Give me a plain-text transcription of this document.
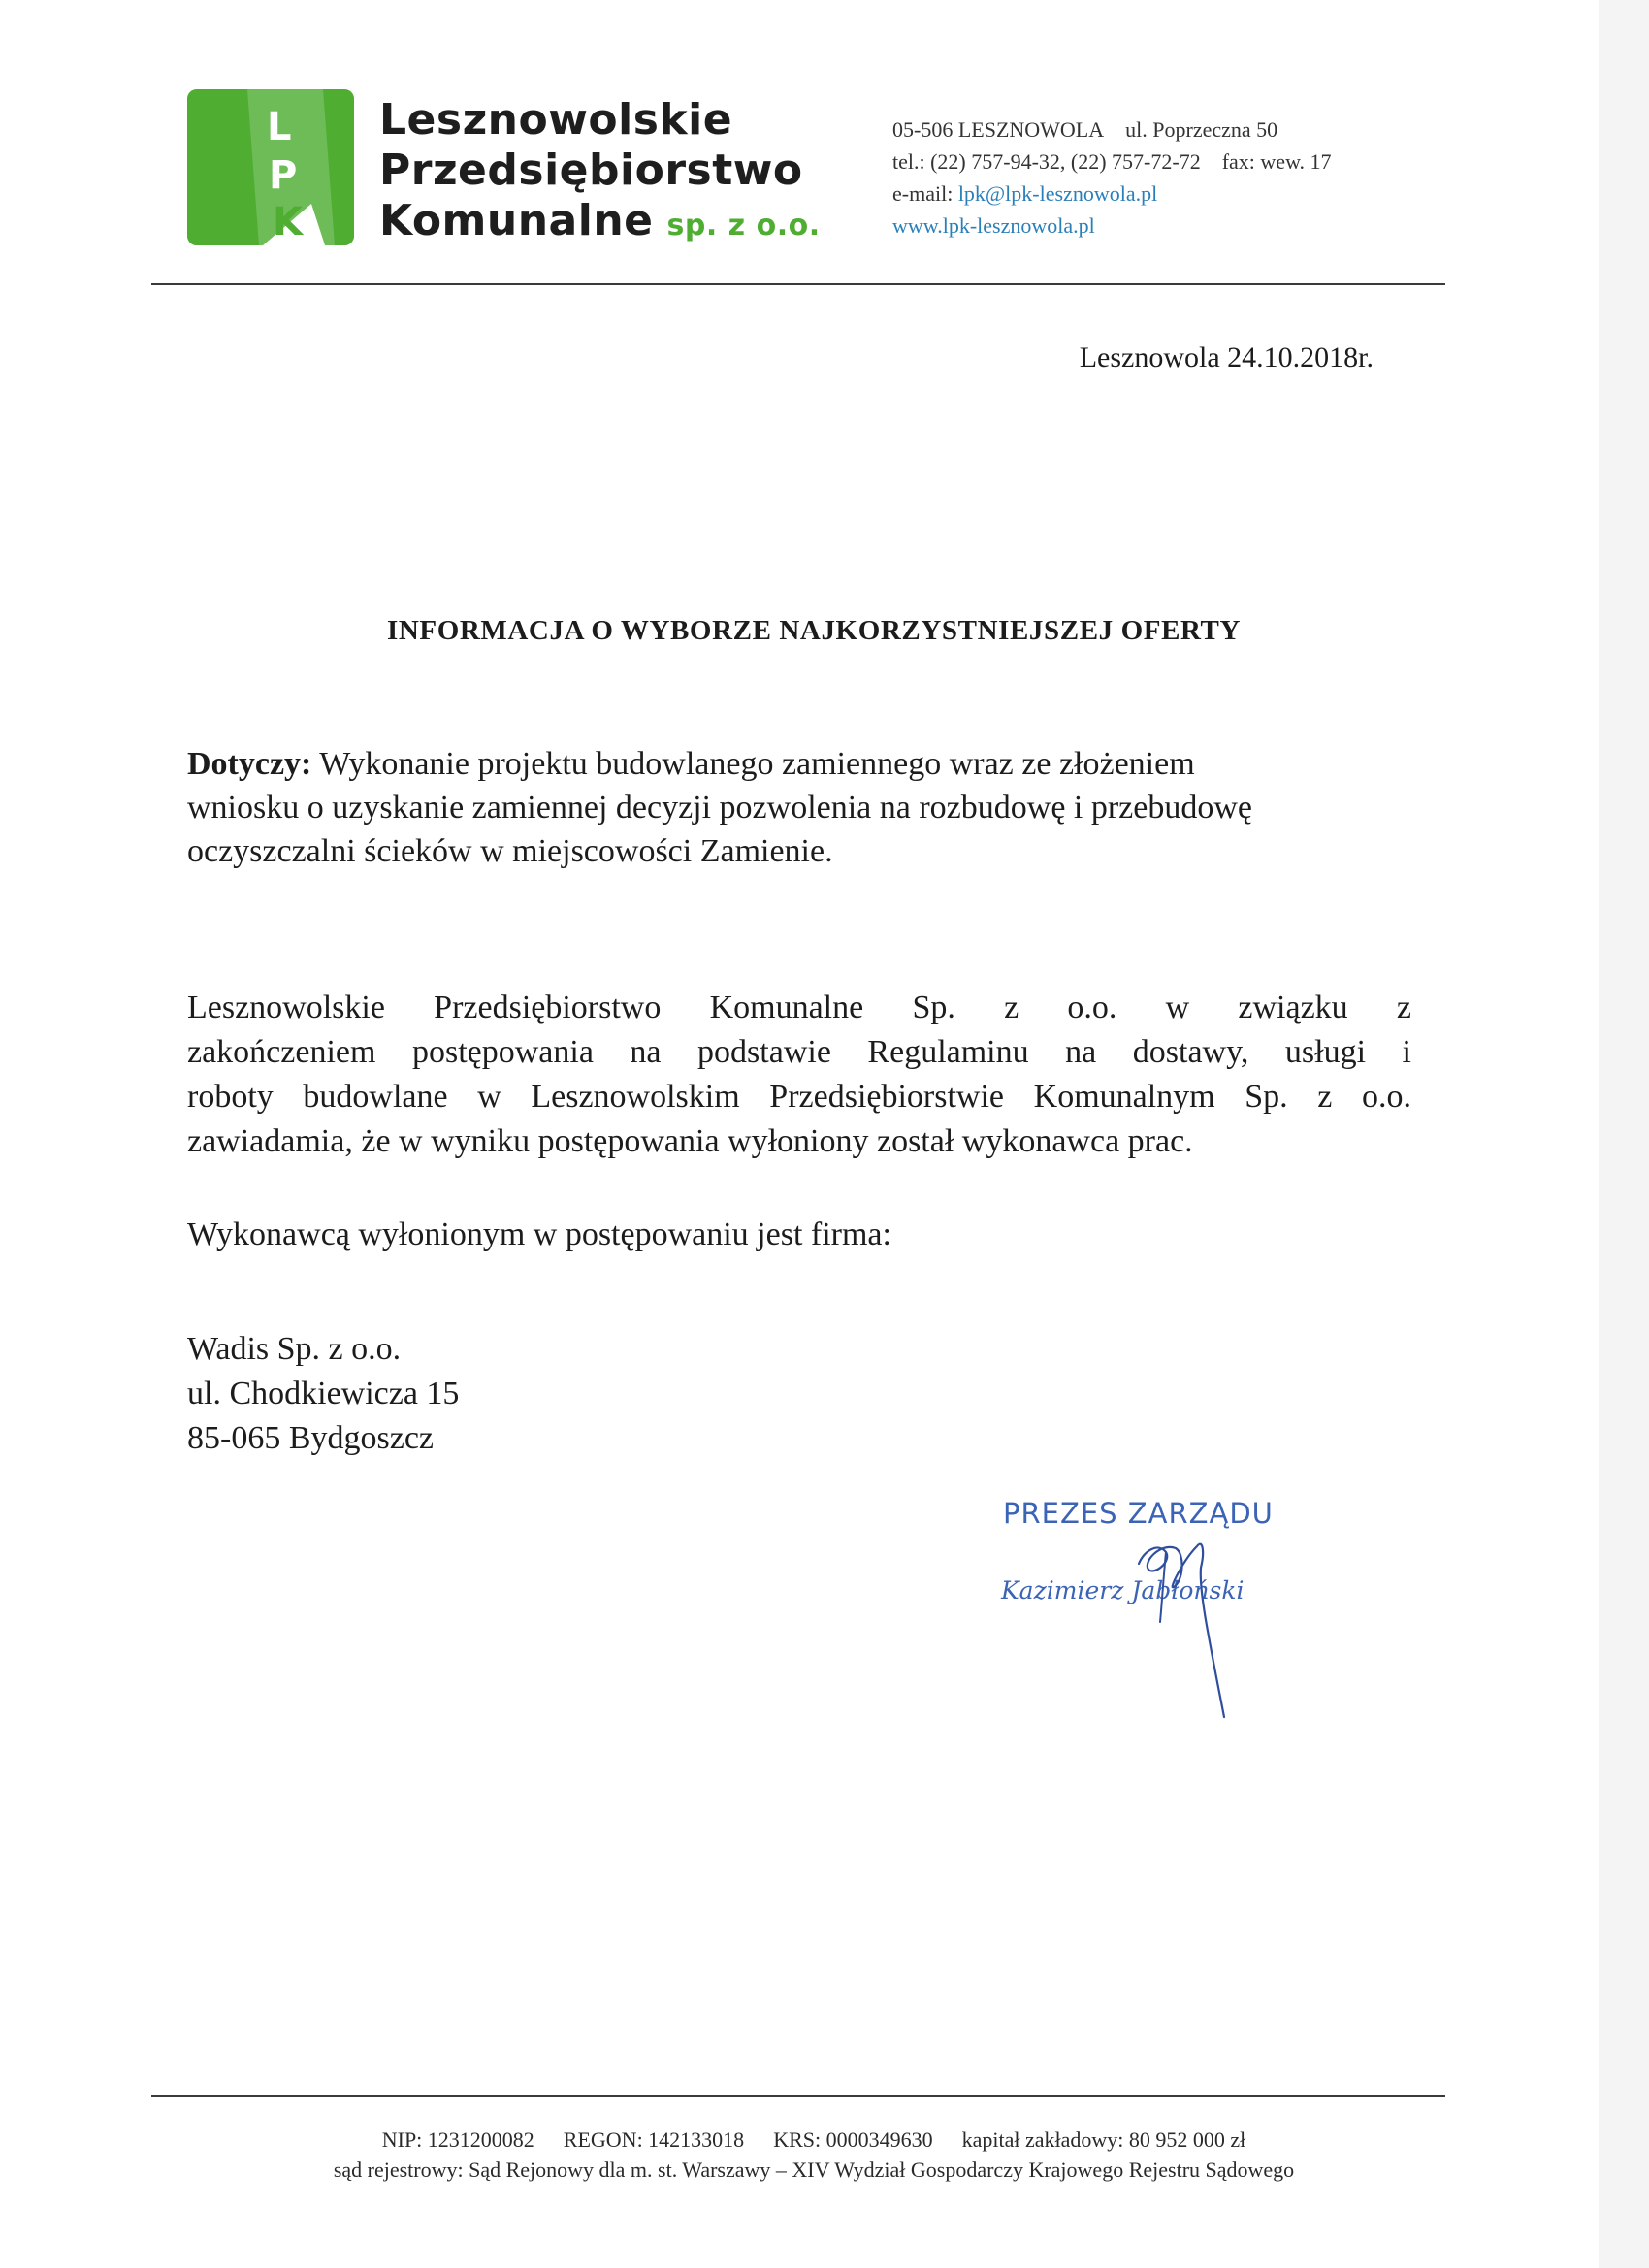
L
P
K
Lesznowolskie
Przedsiębiorstwo
Komunalne sp. z o.o.
05-506 LESZNOWOLA ul. Poprzeczna 50
tel.: (22) 757-94-32, (22) 757-72-72 fax: wew. 17
e-mail: lpk@lpk-lesznowola.pl
www.lpk-lesznowola.pl
Lesznowola 24.10.2018r.
INFORMACJA O WYBORZE NAJKORZYSTNIEJSZEJ OFERTY
Dotyczy: Wykonanie projektu budowlanego zamiennego wraz ze złożeniem
wniosku o uzyskanie zamiennej decyzji pozwolenia na rozbudowę i przebudowę
oczyszczalni ścieków w miejscowości Zamienie.
Lesznowolskie Przedsiębiorstwo Komunalne Sp. z o.o. w związku z
zakończeniem postępowania na podstawie Regulaminu na dostawy, usługi i
roboty budowlane w Lesznowolskim Przedsiębiorstwie Komunalnym Sp. z o.o.
zawiadamia, że w wyniku postępowania wyłoniony został wykonawca prac.
Wykonawcą wyłonionym w postępowaniu jest firma:
Wadis Sp. z o.o.
ul. Chodkiewicza 15
85-065 Bydgoszcz
PREZES ZARZĄDU
Kazimierz Jabłoński
NIP: 1231200082 REGON: 142133018 KRS: 0000349630 kapitał zakładowy: 80 952 000 zł
sąd rejestrowy: Sąd Rejonowy dla m. st. Warszawy – XIV Wydział Gospodarczy Krajowego Rejestru Sądowego
